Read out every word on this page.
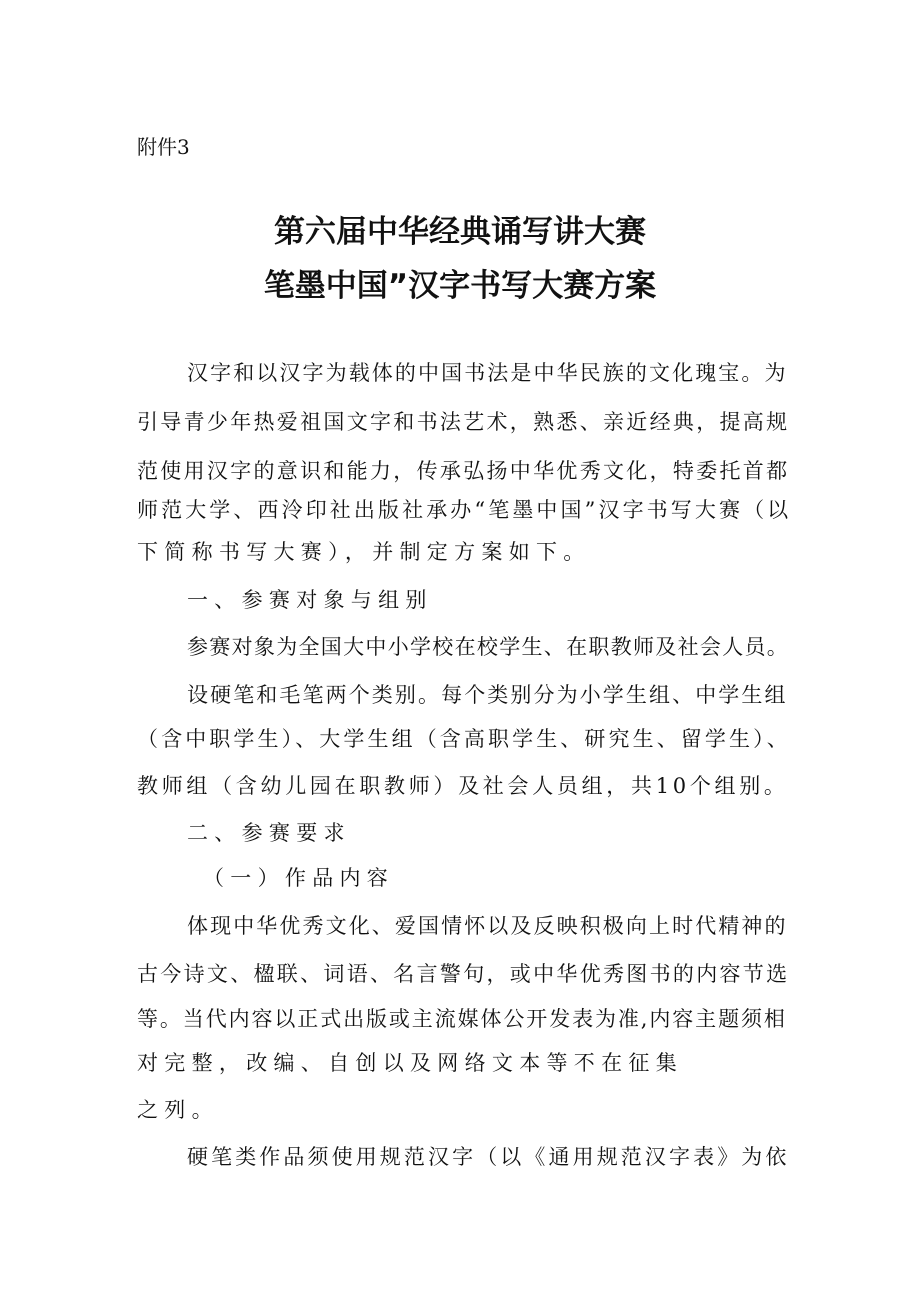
附件3
第六届中华经典诵写讲大赛
笔墨中国”汉字书写大赛方案
汉字和以汉字为载体的中国书法是中华民族的文化瑰宝。为
引导青少年热爱祖国文字和书法艺术，熟悉、亲近经典，提高规
范使用汉字的意识和能力，传承弘扬中华优秀文化，特委托首都
师范大学、西泠印社出版社承办“笔墨中国”汉字书写大赛（以
下简称书写大赛），并制定方案如下。
一、参赛对象与组别
参赛对象为全国大中小学校在校学生、在职教师及社会人员。
设硬笔和毛笔两个类别。每个类别分为小学生组、中学生组
（含中职学生）、大学生组（含高职学生、研究生、留学生）、
教师组（含幼儿园在职教师）及社会人员组，共10个组别。
二、参赛要求
（一）作品内容
体现中华优秀文化、爱国情怀以及反映积极向上时代精神的
古今诗文、楹联、词语、名言警句，或中华优秀图书的内容节选
等。当代内容以正式出版或主流媒体公开发表为准,内容主题须相
对完整，改编、自创以及网络文本等不在征集
之列。
硬笔类作品须使用规范汉字（以《通用规范汉字表》为依
